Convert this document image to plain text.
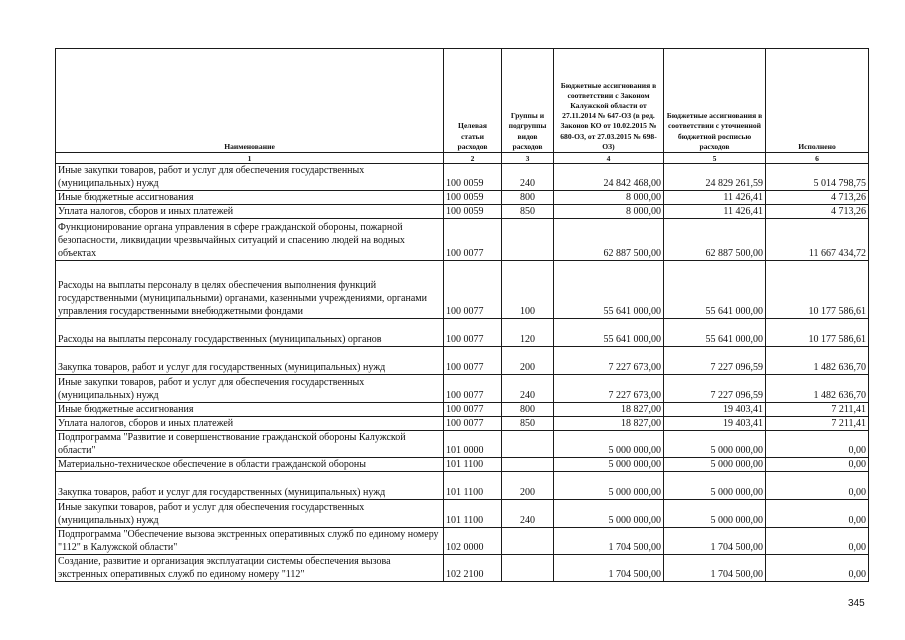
Наименование	Целевая статьи расходов	Группы и подгруппы видов расходов	Бюджетные ассигнования в соответствии с Законом Калужской области от 27.11.2014 № 647-ОЗ (в ред. Законов КО от 10.02.2015 № 680-ОЗ, от 27.03.2015 № 698-ОЗ)	Бюджетные ассигнования в соответствии с уточненной бюджетной росписью расходов	Исполнено
1	2	3	4	5	6
Иные закупки товаров, работ и услуг для обеспечения государственных (муниципальных) нужд	100 0059	240	24 842 468,00	24 829 261,59	5 014 798,75
Иные бюджетные ассигнования	100 0059	800	8 000,00	11 426,41	4 713,26
Уплата налогов, сборов и иных платежей	100 0059	850	8 000,00	11 426,41	4 713,26
Функционирование органа управления в сфере гражданской обороны, пожарной безопасности, ликвидации чрезвычайных ситуаций и спасению людей на водных объектах	100 0077		62 887 500,00	62 887 500,00	11 667 434,72
Расходы на выплаты персоналу в целях обеспечения выполнения функций государственными (муниципальными) органами, казенными учреждениями, органами управления государственными внебюджетными фондами	100 0077	100	55 641 000,00	55 641 000,00	10 177 586,61
Расходы на выплаты персоналу государственных (муниципальных) органов	100 0077	120	55 641 000,00	55 641 000,00	10 177 586,61
Закупка товаров, работ и услуг для государственных (муниципальных) нужд	100 0077	200	7 227 673,00	7 227 096,59	1 482 636,70
Иные закупки товаров, работ и услуг для обеспечения государственных (муниципальных) нужд	100 0077	240	7 227 673,00	7 227 096,59	1 482 636,70
Иные бюджетные ассигнования	100 0077	800	18 827,00	19 403,41	7 211,41
Уплата налогов, сборов и иных платежей	100 0077	850	18 827,00	19 403,41	7 211,41
Подпрограмма "Развитие и совершенствование гражданской обороны Калужской области"	101 0000		5 000 000,00	5 000 000,00	0,00
Материально-техническое обеспечение в области гражданской обороны	101 1100		5 000 000,00	5 000 000,00	0,00
Закупка товаров, работ и услуг для государственных (муниципальных) нужд	101 1100	200	5 000 000,00	5 000 000,00	0,00
Иные закупки товаров, работ и услуг для обеспечения государственных (муниципальных) нужд	101 1100	240	5 000 000,00	5 000 000,00	0,00
Подпрограмма "Обеспечение вызова экстренных оперативных служб по единому номеру "112" в Калужской области"	102 0000		1 704 500,00	1 704 500,00	0,00
Создание, развитие и организация эксплуатации системы обеспечения вызова экстренных оперативных служб по единому номеру "112"	102 2100		1 704 500,00	1 704 500,00	0,00
345
